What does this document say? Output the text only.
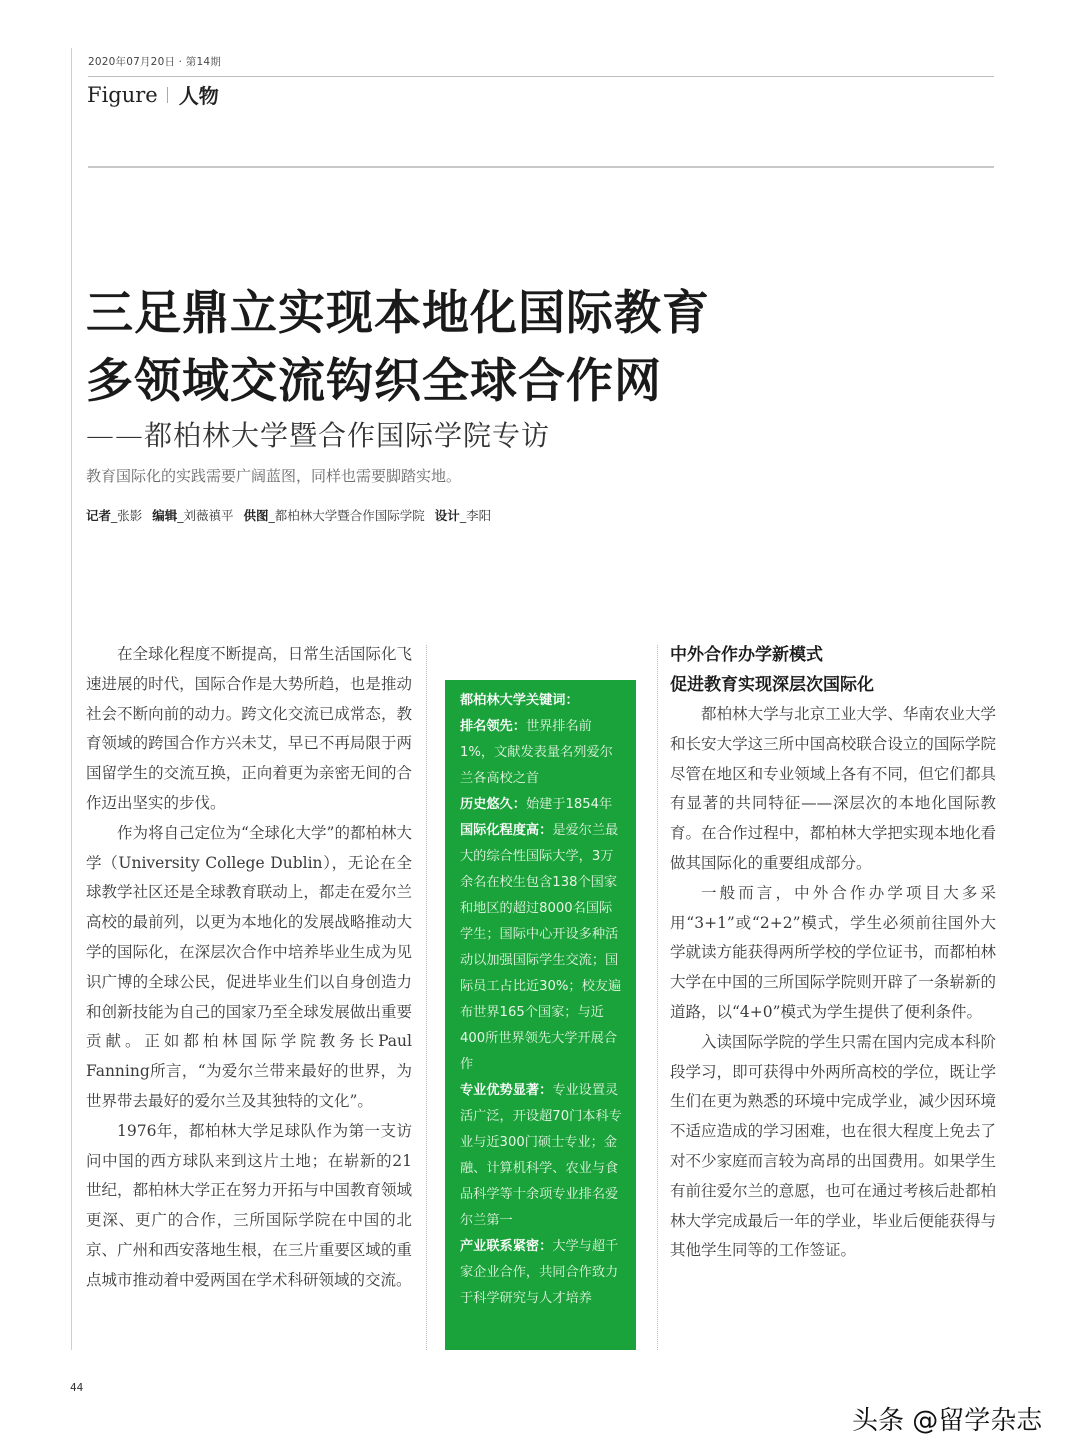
2020年07月20日 · 第14期
Figure 人物
三足鼎立实现本地化国际教育
多领域交流钩织全球合作网
——都柏林大学暨合作国际学院专访
教育国际化的实践需要广阔蓝图，同样也需要脚踏实地。
记者_张影 编辑_刘薇禛平 供图_都柏林大学暨合作国际学院 设计_李阳

在全球化程度不断提高，日常生活国际化飞速进展的时代，国际合作是大势所趋，也是推动社会不断向前的动力。跨文化交流已成常态，教育领域的跨国合作方兴未艾，早已不再局限于两国留学生的交流互换，正向着更为亲密无间的合作迈出坚实的步伐。

作为将自己定位为“全球化大学”的都柏林大学（University College Dublin），无论在全球教学社区还是全球教育联动上，都走在爱尔兰高校的最前列，以更为本地化的发展战略推动大学的国际化，在深层次合作中培养毕业生成为见识广博的全球公民，促进毕业生们以自身创造力和创新技能为自己的国家乃至全球发展做出重要贡献。正如都柏林国际学院教务长Paul Fanning所言，“为爱尔兰带来最好的世界，为世界带去最好的爱尔兰及其独特的文化”。

1976年，都柏林大学足球队作为第一支访问中国的西方球队来到这片土地；在崭新的21世纪，都柏林大学正在努力开拓与中国教育领域更深、更广的合作，三所国际学院在中国的北京、广州和西安落地生根，在三片重要区域的重点城市推动着中爱两国在学术科研领域的交流。

都柏林大学关键词：
排名领先：世界排名前1%，文献发表量名列爱尔兰各高校之首
历史悠久：始建于1854年
国际化程度高：是爱尔兰最大的综合性国际大学，3万余名在校生包含138个国家和地区的超过8000名国际学生；国际中心开设多种活动以加强国际学生交流；国际员工占比近30%；校友遍布世界165个国家；与近400所世界领先大学开展合作
专业优势显著：专业设置灵活广泛，开设超70门本科专业与近300门硕士专业；金融、计算机科学、农业与食品科学等十余项专业排名爱尔兰第一
产业联系紧密：大学与超千家企业合作，共同合作致力于科学研究与人才培养
中外合作办学新模式
促进教育实现深层次国际化

都柏林大学与北京工业大学、华南农业大学和长安大学这三所中国高校联合设立的国际学院尽管在地区和专业领域上各有不同，但它们都具有显著的共同特征——深层次的本地化国际教育。在合作过程中，都柏林大学把实现本地化看做其国际化的重要组成部分。

一般而言，中外合作办学项目大多采用“3+1”或“2+2”模式，学生必须前往国外大学就读方能获得两所学校的学位证书，而都柏林大学在中国的三所国际学院则开辟了一条崭新的道路，以“4+0”模式为学生提供了便利条件。

入读国际学院的学生只需在国内完成本科阶段学习，即可获得中外两所高校的学位，既让学生们在更为熟悉的环境中完成学业，减少因环境不适应造成的学习困难，也在很大程度上免去了对不少家庭而言较为高昂的出国费用。如果学生有前往爱尔兰的意愿，也可在通过考核后赴都柏林大学完成最后一年的学业，毕业后便能获得与其他学生同等的工作签证。

44
头条 @留学杂志
